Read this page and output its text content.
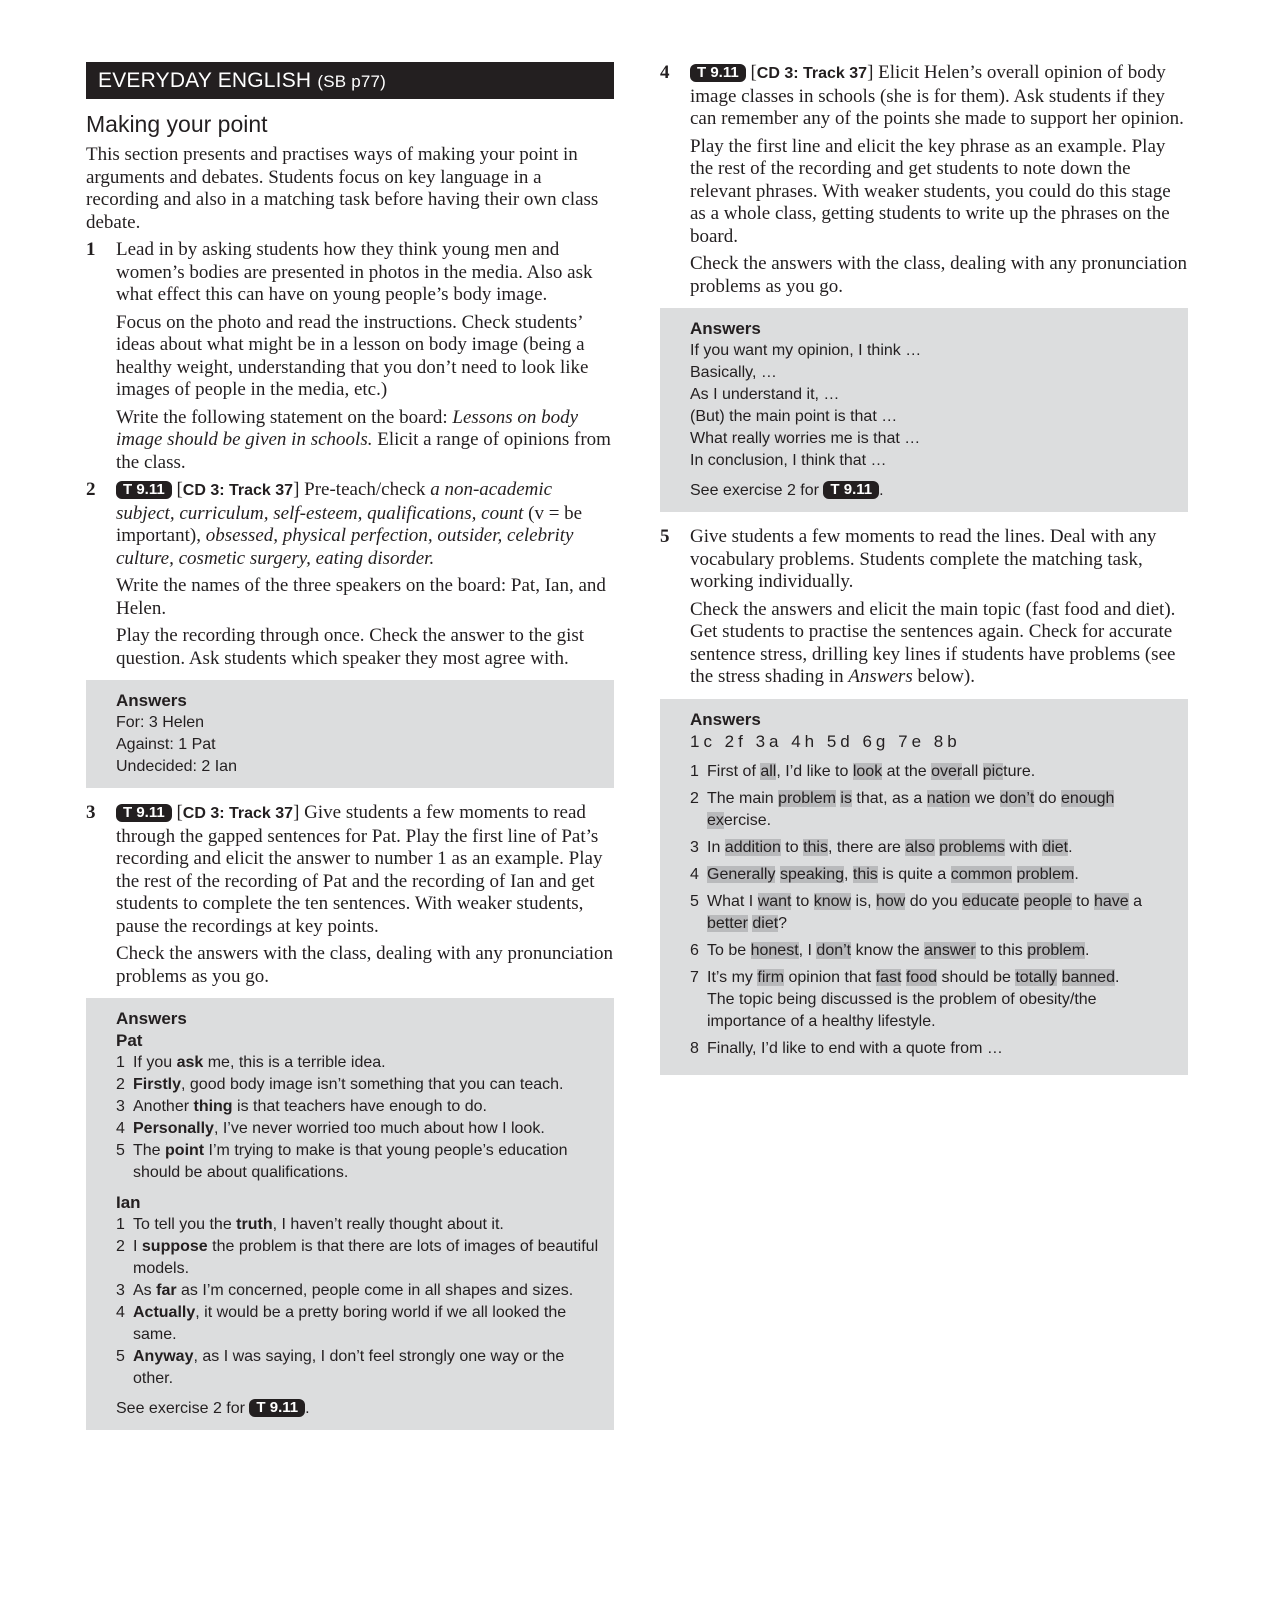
EVERYDAY ENGLISH (SB p77)
Making your point

This section presents and practises ways of making your point in arguments and debates. Students focus on key language in a recording and also in a matching task before having their own class debate.

1 Lead in by asking students how they think young men and women’s bodies are presented in photos in the media. Also ask what effect this can have on young people’s body image.

Focus on the photo and read the instructions. Check students’ ideas about what might be in a lesson on body image (being a healthy weight, understanding that you don’t need to look like images of people in the media, etc.)

Write the following statement on the board: Lessons on body image should be given in schools. Elicit a range of opinions from the class.

2	T 9.11 [CD 3: Track 37] Pre-teach/check a non-academic subject, curriculum, self-esteem, qualifications, count (v = be important), obsessed, physical perfection, outsider, celebrity culture, cosmetic surgery, eating disorder.

Write the names of the three speakers on the board: Pat, Ian, and Helen.

Play the recording through once. Check the answer to the gist question. Ask students which speaker they most agree with.

Answers
For: 3 Helen
Against: 1 Pat
Undecided: 2 Ian
3	T 9.11 [CD 3: Track 37] Give students a few moments to read through the gapped sentences for Pat. Play the first line of Pat’s recording and elicit the answer to number 1 as an example. Play the rest of the recording of Pat and the recording of Ian and get students to complete the ten sentences. With weaker students, pause the recordings at key points.

Check the answers with the class, dealing with any pronunciation problems as you go.

Answers
Pat
1 If you ask me, this is a terrible idea.
2 Firstly, good body image isn’t something that you can teach.
3 Another thing is that teachers have enough to do.
4 Personally, I’ve never worried too much about how I look.
5 The point I’m trying to make is that young people’s education should be about qualifications.
Ian
1 To tell you the truth, I haven’t really thought about it.
2 I suppose the problem is that there are lots of images of beautiful models.
3 As far as I’m concerned, people come in all shapes and sizes.
4 Actually, it would be a pretty boring world if we all looked the same.
5 Anyway, as I was saying, I don’t feel strongly one way or the other.
See exercise 2 for T 9.11 .
4	T 9.11 [CD 3: Track 37] Elicit Helen’s overall opinion of body image classes in schools (she is for them). Ask students if they can remember any of the points she made to support her opinion.

Play the first line and elicit the key phrase as an example. Play the rest of the recording and get students to note down the relevant phrases. With weaker students, you could do this stage as a whole class, getting students to write up the phrases on the board.

Check the answers with the class, dealing with any pronunciation problems as you go.

Answers
If you want my opinion, I think …
Basically, …
As I understand it, …
(But) the main point is that …
What really worries me is that …
In conclusion, I think that …
See exercise 2 for T 9.11 .
5 Give students a few moments to read the lines. Deal with any vocabulary problems. Students complete the matching task, working individually.

Check the answers and elicit the main topic (fast food and diet). Get students to practise the sentences again. Check for accurate sentence stress, drilling key lines if students have problems (see the stress shading in Answers below).

Answers
1c 2f 3a 4h 5d 6g 7e 8b
1 First of all, I’d like to look at the overall picture.
2 The main problem is that, as a nation we don’t do enough exercise.
3 In addition to this, there are also problems with diet.
4 Generally speaking, this is quite a common problem.
5 What I want to know is, how do you educate people to have a better diet?
6 To be honest, I don’t know the answer to this problem.
7 It’s my firm opinion that fast food should be totally banned.
The topic being discussed is the problem of obesity/the importance of a healthy lifestyle.
8 Finally, I’d like to end with a quote from …
